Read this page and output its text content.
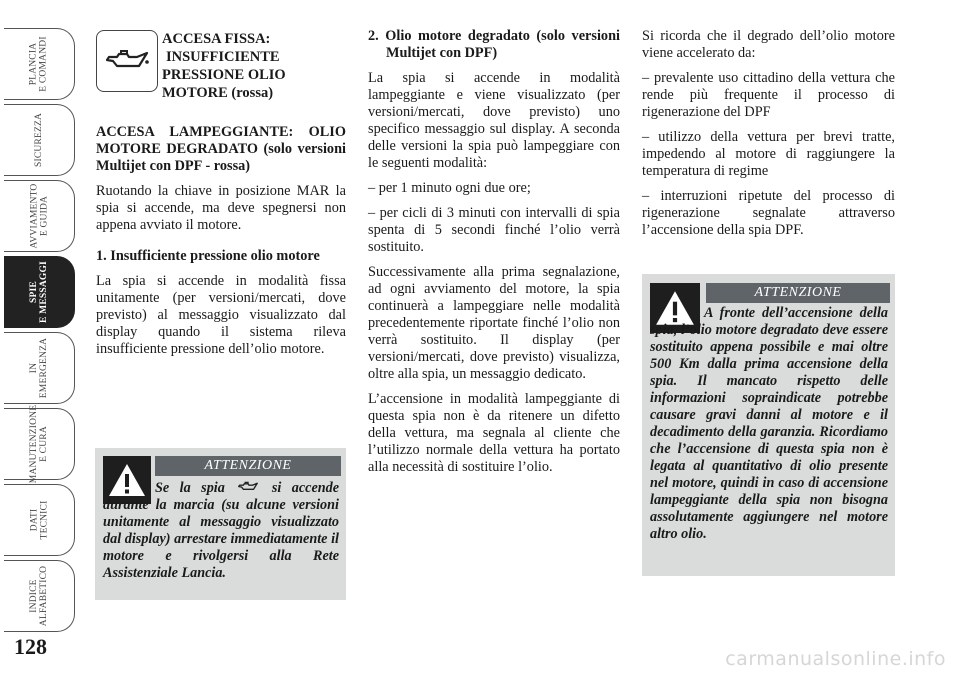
PLANCIA
E COMANDI
SICUREZZA
AVVIAMENTO
E GUIDA
SPIE
E MESSAGGI
IN
EMERGENZA
MANUTENZIONE
E CURA
DATI
TECNICI
INDICE
ALFABETICO
128
ACCESA FISSA:
INSUFFICIENTE
PRESSIONE OLIO
MOTORE (rossa)

ACCESA LAMPEGGIANTE: OLIO MOTORE DEGRADATO (solo versioni Multijet con DPF - rossa)

Ruotando la chiave in posizione MAR la spia si accende, ma deve spegnersi non appena avviato il motore.

1. Insufficiente pressione olio motore

La spia si accende in modalità fissa unitamente (per versioni/mercati, dove previsto) al messaggio visualizzato dal display quando il sistema rileva insufficiente pressione dell’olio motore.

ATTENZIONE
Se la spia	si accende durante la marcia (su alcune versioni unitamente al messaggio visualizzato dal display) arrestare immediatamente il motore e rivolgersi alla Rete Assistenziale Lancia.

2. Olio motore degradato (solo versioni Multijet con DPF)

La spia si accende in modalità lampeggiante e viene visualizzato (per versioni/mercati, dove previsto) uno specifico messaggio sul display. A seconda delle versioni la spia può lampeggiare con le seguenti modalità:

– per 1 minuto ogni due ore;

– per cicli di 3 minuti con intervalli di spia spenta di 5 secondi finché l’olio verrà sostituito.

Successivamente alla prima segnalazione, ad ogni avviamento del motore, la spia continuerà a lampeggiare nelle modalità precedentemente riportate finché l’olio non verrà sostituito. Il display (per versioni/mercati, dove previsto) visualizza, oltre alla spia, un messaggio dedicato.

L’accensione in modalità lampeggiante di questa spia non è da ritenere un difetto della vettura, ma segnala al cliente che l’utilizzo normale della vettura ha portato alla necessità di sostituire l’olio.

Si ricorda che il degrado dell’olio motore viene accelerato da:

– prevalente uso cittadino della vettura che rende più frequente il processo di rigenerazione del DPF

– utilizzo della vettura per brevi tratte, impedendo al motore di raggiungere la temperatura di regime

– interruzioni ripetute del processo di rigenerazione segnalate attraverso l’accensione della spia DPF.

ATTENZIONE
A fronte dell’accensione della spia, l’olio motore degradato deve essere sostituito appena possibile e mai oltre 500 Km dalla prima accensione della spia. Il mancato rispetto delle informazioni sopraindicate potrebbe causare gravi danni al motore e il decadimento della garanzia. Ricordiamo che l’accensione di questa spia non è legata al quantitativo di olio presente nel motore, quindi in caso di accensione lampeggiante della spia non bisogna assolutamente aggiungere nel motore altro olio.
carmanualsonline.info
